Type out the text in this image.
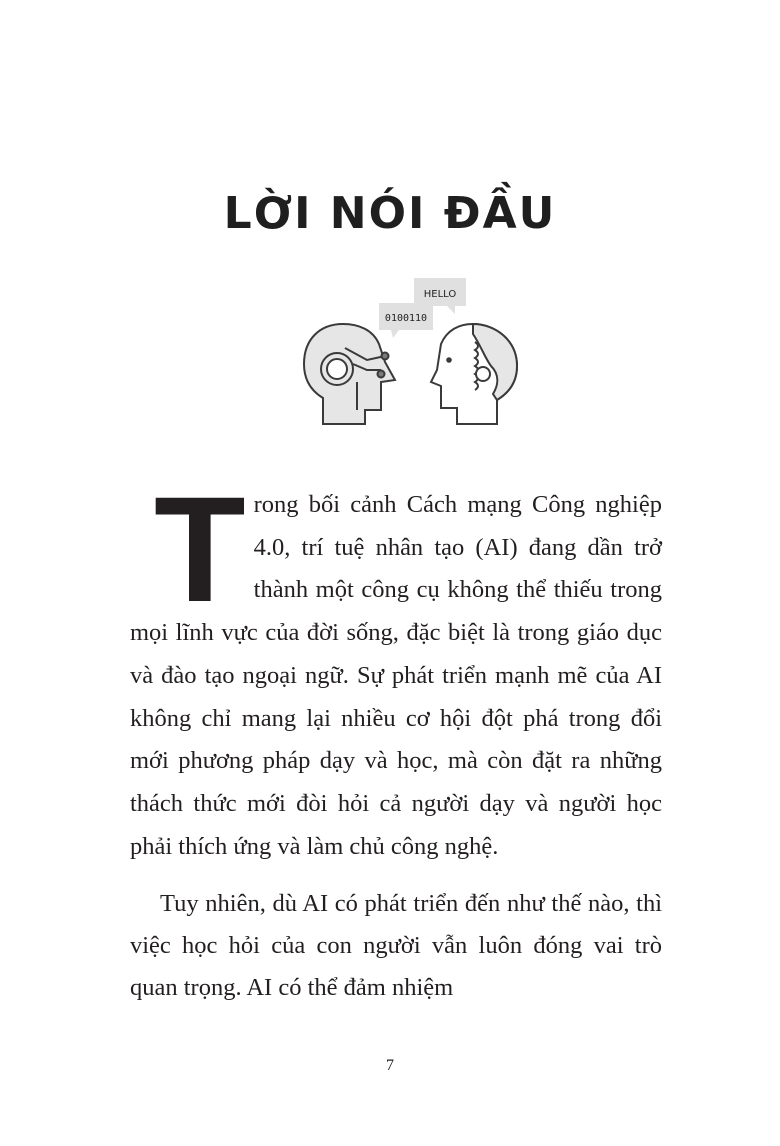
LỜI NÓI ĐẦU
0100110
HELLO

Trong bối cảnh Cách mạng Công nghiệp 4.0, trí tuệ nhân tạo (AI) đang dần trở thành một công cụ không thể thiếu trong mọi lĩnh vực của đời sống, đặc biệt là trong giáo dục và đào tạo ngoại ngữ. Sự phát triển mạnh mẽ của AI không chỉ mang lại nhiều cơ hội đột phá trong đổi mới phương pháp dạy và học, mà còn đặt ra những thách thức mới đòi hỏi cả người dạy và người học phải thích ứng và làm chủ công nghệ.

Tuy nhiên, dù AI có phát triển đến như thế nào, thì việc học hỏi của con người vẫn luôn đóng vai trò quan trọng. AI có thể đảm nhiệm

7
